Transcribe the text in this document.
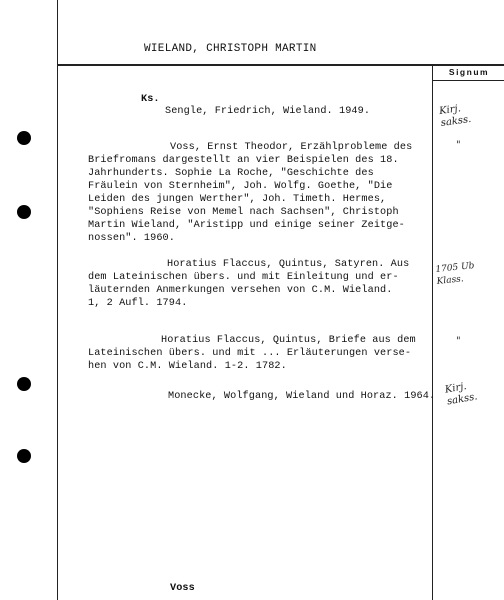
WIELAND, CHRISTOPH MARTIN
Signum
Ks.
Sengle, Friedrich, Wieland. 1949.
Voss, Ernst Theodor, Erzählprobleme des
Briefromans dargestellt an vier Beispielen des 18.
Jahrhunderts. Sophie La Roche, "Geschichte des
Fräulein von Sternheim", Joh. Wolfg. Goethe, "Die
Leiden des jungen Werther", Joh. Timeth. Hermes,
"Sophiens Reise von Memel nach Sachsen", Christoph
Martin Wieland, "Aristipp und einige seiner Zeitge-
nossen". 1960.
Horatius Flaccus, Quintus, Satyren. Aus
dem Lateinischen übers. und mit Einleitung und er-
läuternden Anmerkungen versehen von C.M. Wieland.
1, 2 Aufl. 1794.
Horatius Flaccus, Quintus, Briefe aus dem
Lateinischen übers. und mit ... Erläuterungen verse-
hen von C.M. Wieland. 1-2. 1782.
Monecke, Wolfgang, Wieland und Horaz. 1964.
Voss
Kirj.
sakss.
"
1705 Ub
Klass.
"
Kirj.
sakss.
